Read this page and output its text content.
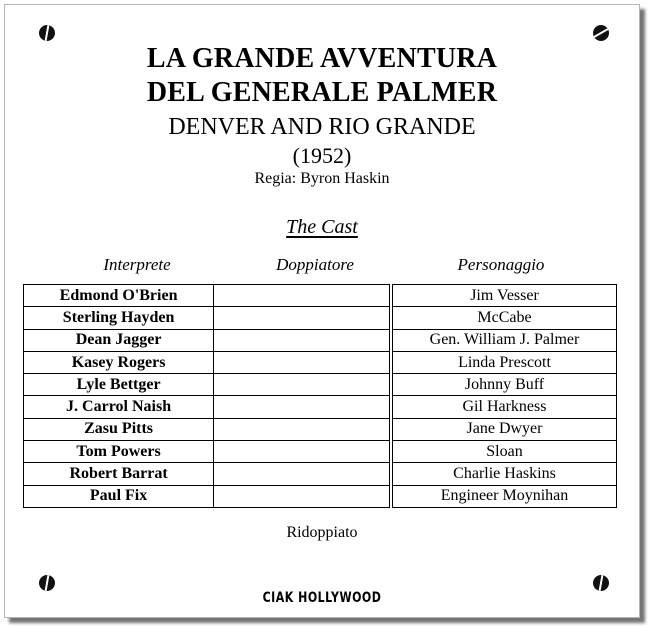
LA GRANDE AVVENTURA
DEL GENERALE PALMER
DENVER AND RIO GRANDE
(1952)
Regia: Byron Haskin
The Cast
Interprete	Doppiatore	Personaggio
Edmond O'Brien			Jim Vesser
Sterling Hayden			McCabe
Dean Jagger			Gen. William J. Palmer
Kasey Rogers			Linda Prescott
Lyle Bettger			Johnny Buff
J. Carrol Naish			Gil Harkness
Zasu Pitts			Jane Dwyer
Tom Powers			Sloan
Robert Barrat			Charlie Haskins
Paul Fix			Engineer Moynihan
Ridoppiato
CIAK HOLLYWOOD
